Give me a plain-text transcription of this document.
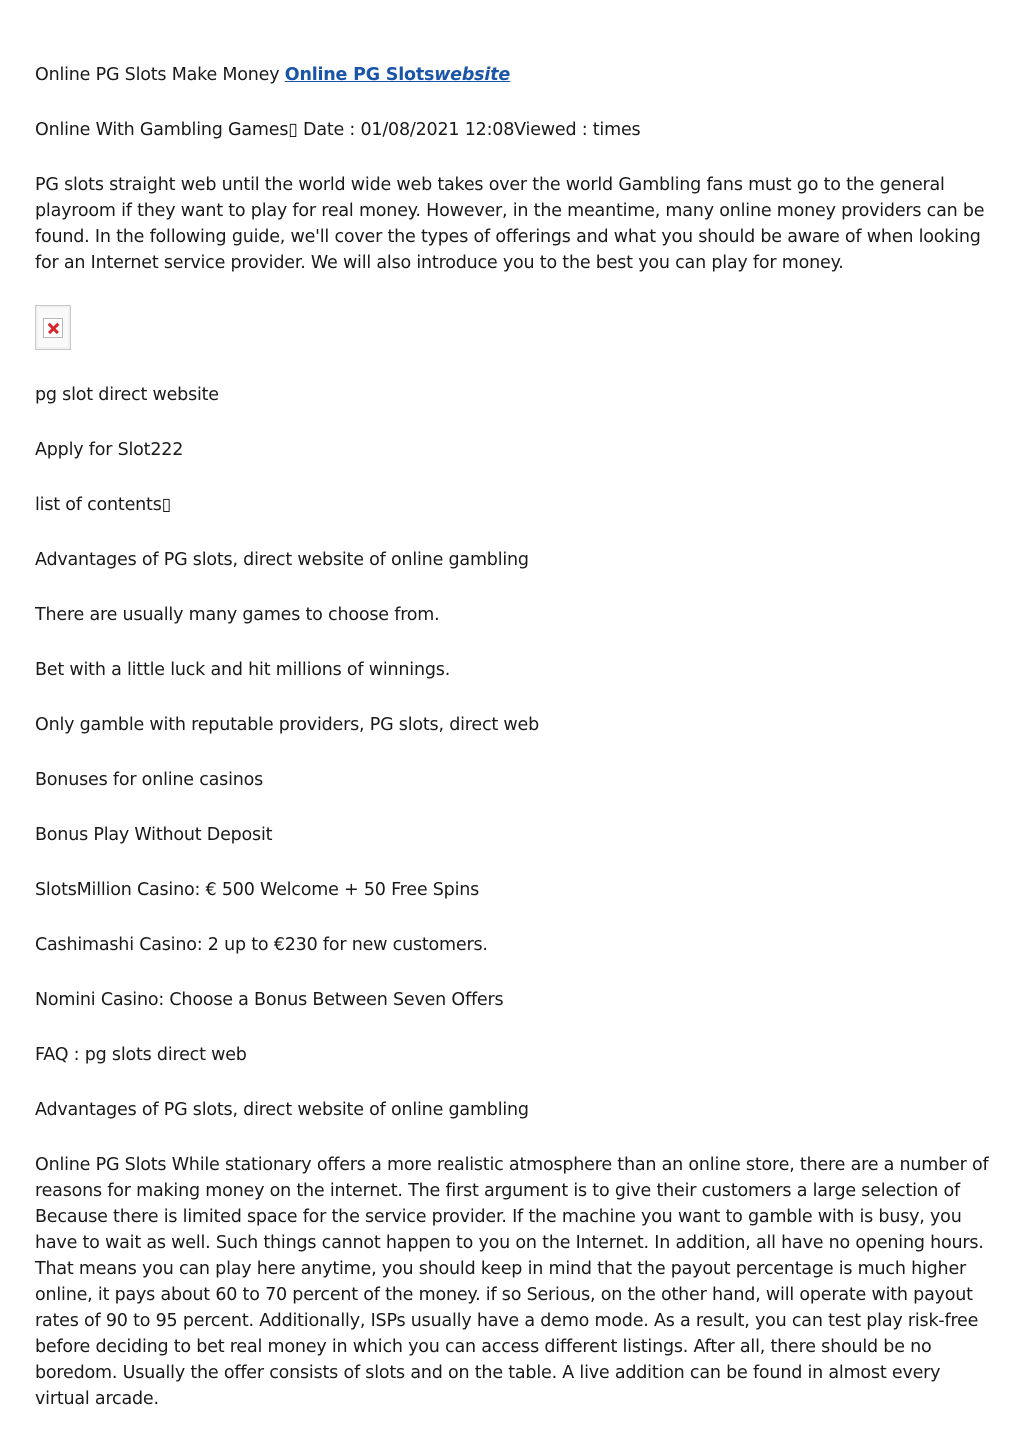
Online PG Slots Make Money Online PG Slotswebsite

Online With Gambling Games▯ Date : 01/08/2021 12:08Viewed : times

PG slots straight web until the world wide web takes over the world Gambling fans must go to the general playroom if they want to play for real money. However, in the meantime, many online money providers can be found. In the following guide, we'll cover the types of offerings and what you should be aware of when looking for an Internet service provider. We will also introduce you to the best you can play for money.

pg slot direct website

Apply for Slot222

list of contents▯

Advantages of PG slots, direct website of online gambling

There are usually many games to choose from.

Bet with a little luck and hit millions of winnings.

Only gamble with reputable providers, PG slots, direct web

Bonuses for online casinos

Bonus Play Without Deposit

SlotsMillion Casino: € 500 Welcome + 50 Free Spins

Cashimashi Casino: 2 up to €230 for new customers.

Nomini Casino: Choose a Bonus Between Seven Offers

FAQ : pg slots direct web

Advantages of PG slots, direct website of online gambling

Online PG Slots While stationary offers a more realistic atmosphere than an online store, there are a number of reasons for making money on the internet. The first argument is to give their customers a large selection of Because there is limited space for the service provider. If the machine you want to gamble with is busy, you have to wait as well. Such things cannot happen to you on the Internet. In addition, all have no opening hours. That means you can play here anytime, you should keep in mind that the payout percentage is much higher online, it pays about 60 to 70 percent of the money. if so Serious, on the other hand, will operate with payout rates of 90 to 95 percent. Additionally, ISPs usually have a demo mode. As a result, you can test play risk-free before deciding to bet real money in which you can access different listings. After all, there should be no boredom. Usually the offer consists of slots and on the table. A live addition can be found in almost every virtual arcade.
